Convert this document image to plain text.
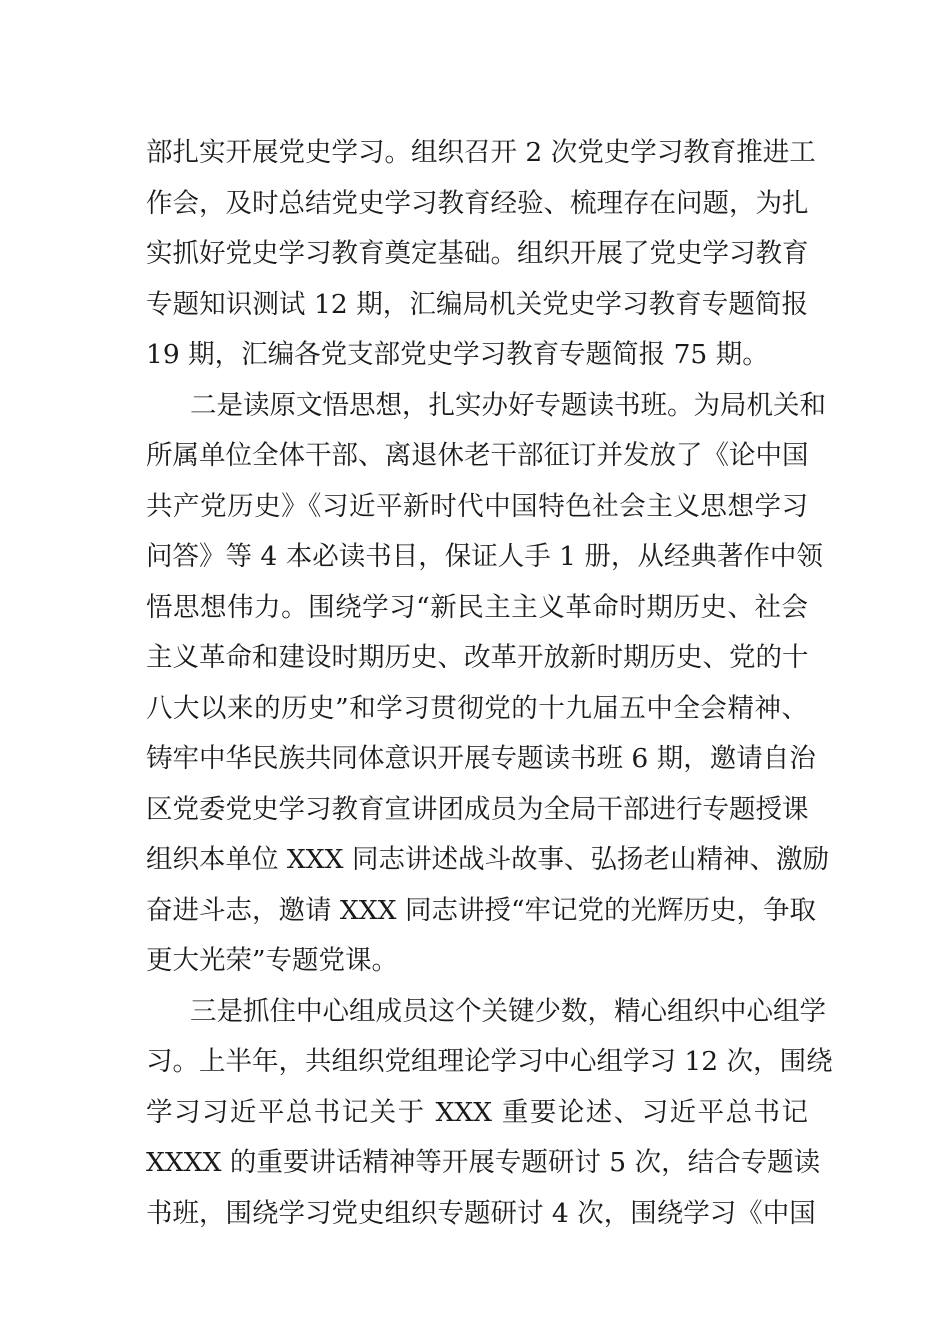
部扎实开展党史学习。组织召开 2 次党史学习教育推进工
作会，及时总结党史学习教育经验、梳理存在问题，为扎
实抓好党史学习教育奠定基础。组织开展了党史学习教育
专题知识测试 12 期，汇编局机关党史学习教育专题简报
19 期，汇编各党支部党史学习教育专题简报 75 期。
二是读原文悟思想，扎实办好专题读书班。为局机关和
所属单位全体干部、离退休老干部征订并发放了《论中国
共产党历史》《习近平新时代中国特色社会主义思想学习
问答》等 4 本必读书目，保证人手 1 册，从经典著作中领
悟思想伟力。围绕学习“新民主主义革命时期历史、社会
主义革命和建设时期历史、改革开放新时期历史、党的十
八大以来的历史”和学习贯彻党的十九届五中全会精神、
铸牢中华民族共同体意识开展专题读书班 6 期，邀请自治
区党委党史学习教育宣讲团成员为全局干部进行专题授课
组织本单位 XXX 同志讲述战斗故事、弘扬老山精神、激励
奋进斗志，邀请 XXX 同志讲授“牢记党的光辉历史，争取
更大光荣”专题党课。
三是抓住中心组成员这个关键少数，精心组织中心组学
习。上半年，共组织党组理论学习中心组学习 12 次，围绕
学习习近平总书记关于 XXX 重要论述、习近平总书记
XXXX 的重要讲话精神等开展专题研讨 5 次，结合专题读
书班，围绕学习党史组织专题研讨 4 次，围绕学习《中国
